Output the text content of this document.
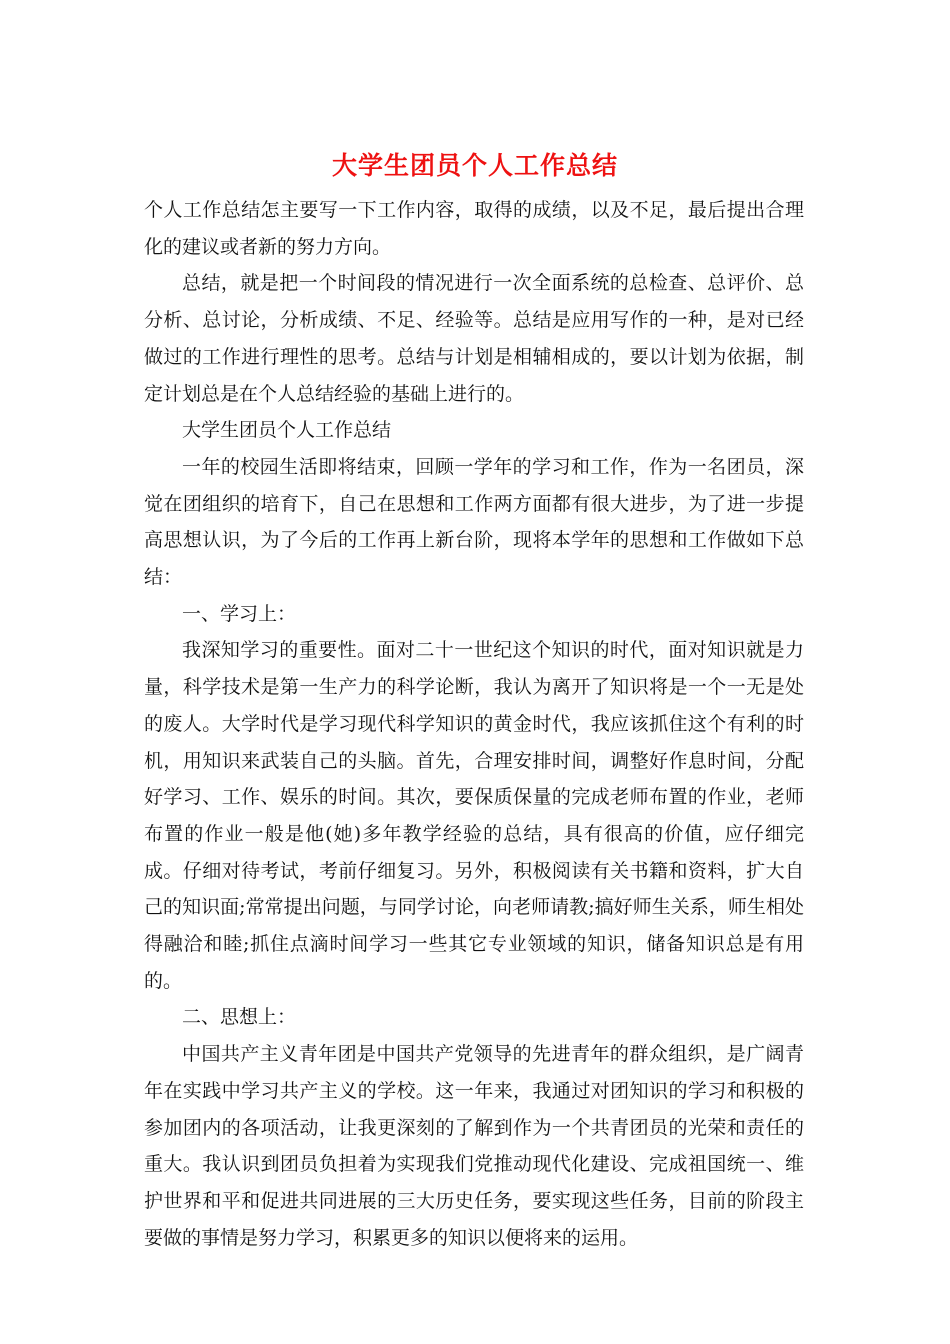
大学生团员个人工作总结

个人工作总结怎主要写一下工作内容，取得的成绩，以及不足，最后提出合理化的建议或者新的努力方向。

总结，就是把一个时间段的情况进行一次全面系统的总检查、总评价、总分析、总讨论，分析成绩、不足、经验等。总结是应用写作的一种，是对已经做过的工作进行理性的思考。总结与计划是相辅相成的，要以计划为依据，制定计划总是在个人总结经验的基础上进行的。

大学生团员个人工作总结

一年的校园生活即将结束，回顾一学年的学习和工作，作为一名团员，深觉在团组织的培育下，自己在思想和工作两方面都有很大进步，为了进一步提高思想认识，为了今后的工作再上新台阶，现将本学年的思想和工作做如下总结：

一、学习上：

我深知学习的重要性。面对二十一世纪这个知识的时代，面对知识就是力量，科学技术是第一生产力的科学论断，我认为离开了知识将是一个一无是处的废人。大学时代是学习现代科学知识的黄金时代，我应该抓住这个有利的时机，用知识来武装自己的头脑。首先，合理安排时间，调整好作息时间，分配好学习、工作、娱乐的时间。其次，要保质保量的完成老师布置的作业，老师布置的作业一般是他(她)多年教学经验的总结，具有很高的价值，应仔细完成。仔细对待考试，考前仔细复习。另外，积极阅读有关书籍和资料，扩大自己的知识面;常常提出问题，与同学讨论，向老师请教;搞好师生关系，师生相处得融洽和睦;抓住点滴时间学习一些其它专业领域的知识，储备知识总是有用的。

二、思想上：

中国共产主义青年团是中国共产党领导的先进青年的群众组织，是广阔青年在实践中学习共产主义的学校。这一年来，我通过对团知识的学习和积极的参加团内的各项活动，让我更深刻的了解到作为一个共青团员的光荣和责任的重大。我认识到团员负担着为实现我们党推动现代化建设、完成祖国统一、维护世界和平和促进共同进展的三大历史任务，要实现这些任务，目前的阶段主要做的事情是努力学习，积累更多的知识以便将来的运用。
